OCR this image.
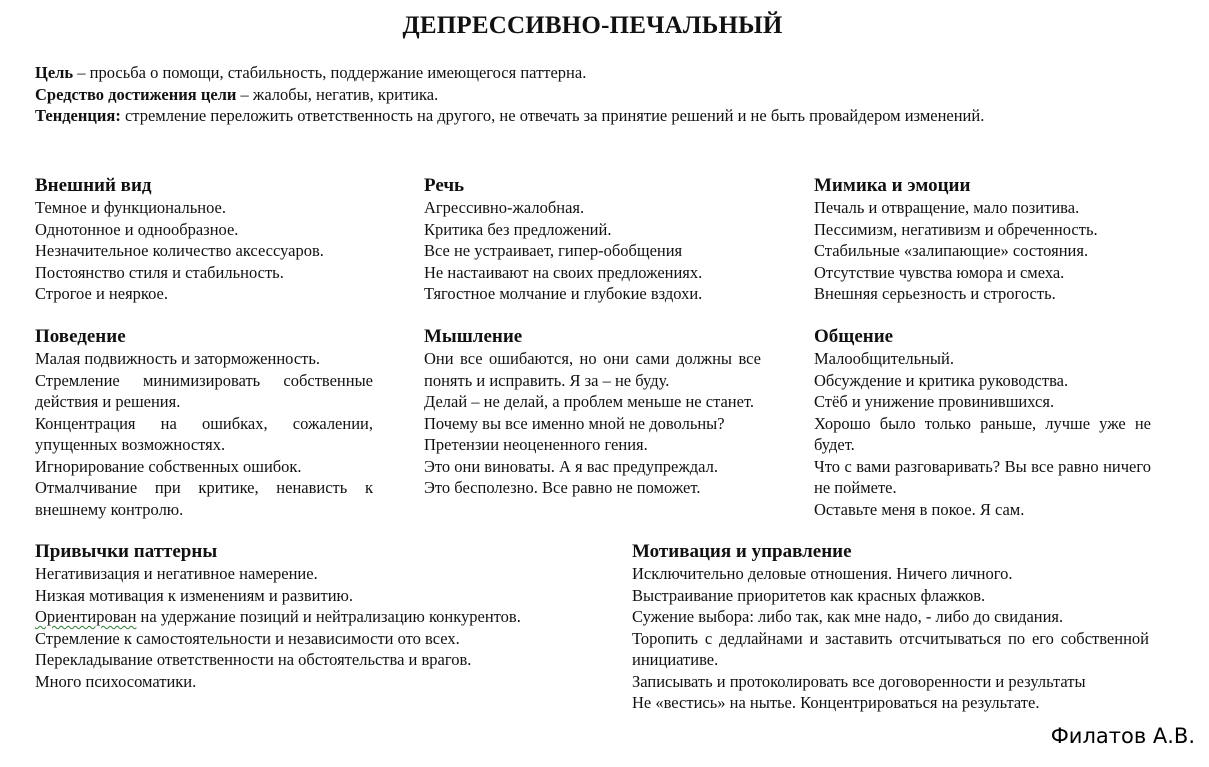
ДЕПРЕССИВНО-ПЕЧАЛЬНЫЙ

Цель – просьба о помощи, стабильность, поддержание имеющегося паттерна.

Средство достижения цели – жалобы, негатив, критика.

Тенденция: стремление переложить ответственность на другого, не отвечать за принятие решений и не быть провайдером изменений.

Внешний вид
Темное и функциональное.
Однотонное и однообразное.
Незначительное количество аксессуаров.
Постоянство стиля и стабильность.
Строгое и неяркое.
Речь
Агрессивно-жалобная.
Критика без предложений.
Все не устраивает, гипер-обобщения
Не настаивают на своих предложениях.
Тягостное молчание и глубокие вздохи.
Мимика и эмоции
Печаль и отвращение, мало позитива.
Пессимизм, негативизм и обреченность.
Стабильные «залипающие» состояния.
Отсутствие чувства юмора и смеха.
Внешняя серьезность и строгость.
Поведение
Малая подвижность и заторможенность.
Стремление минимизировать собственные действия и решения.
Концентрация на ошибках, сожалении, упущенных возможностях.
Игнорирование собственных ошибок.
Отмалчивание при критике, ненависть к внешнему контролю.
Мышление
Они все ошибаются, но они сами должны все понять и исправить. Я за – не буду.
Делай – не делай, а проблем меньше не станет.
Почему вы все именно мной не довольны?
Претензии неоцененного гения.
Это они виноваты. А я вас предупреждал.
Это бесполезно. Все равно не поможет.
Общение
Малообщительный.
Обсуждение и критика руководства.
Стёб и унижение провинившихся.
Хорошо было только раньше, лучше уже не будет.
Что с вами разговаривать? Вы все равно ничего не поймете.
Оставьте меня в покое. Я сам.
Привычки паттерны
Негативизация и негативное намерение.
Низкая мотивация к изменениям и развитию.
Ориентирован на удержание позиций и нейтрализацию конкурентов.
Стремление к самостоятельности и независимости ото всех.
Перекладывание ответственности на обстоятельства и врагов.
Много психосоматики.
Мотивация и управление
Исключительно деловые отношения. Ничего личного.
Выстраивание приоритетов как красных флажков.
Сужение выбора: либо так, как мне надо, - либо до свидания.
Торопить с дедлайнами и заставить отсчитываться по его собственной инициативе.
Записывать и протоколировать все договоренности и результаты
Не «вестись» на нытье. Концентрироваться на результате.
Филатов А.В.
